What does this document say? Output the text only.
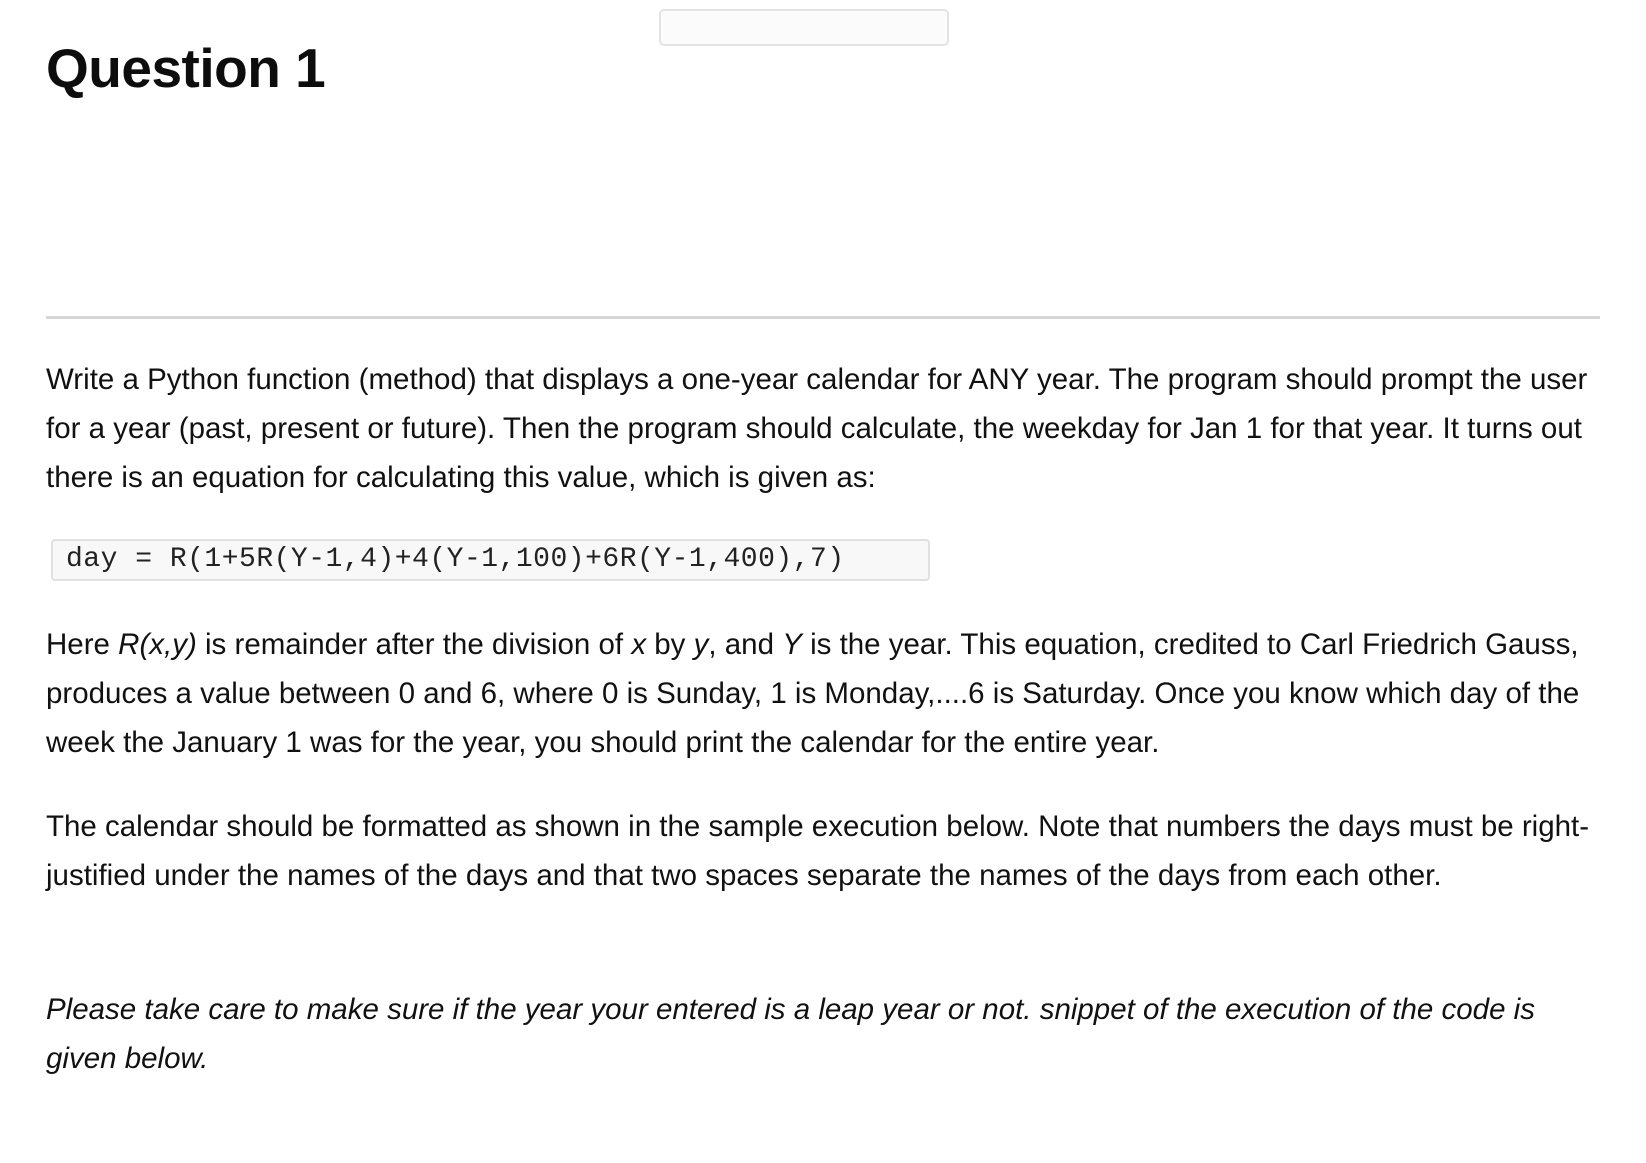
Question 1

Write a Python function (method) that displays a one-year calendar for ANY year. The program should prompt the user for a year (past, present or future). Then the program should calculate, the weekday for Jan 1 for that year. It turns out there is an equation for calculating this value, which is given as:

day = R(1+5R(Y-1,4)+4(Y-1,100)+6R(Y-1,400),7)

Here R(x,y) is remainder after the division of x by y, and Y is the year. This equation, credited to Carl Friedrich Gauss, produces a value between 0 and 6, where 0 is Sunday, 1 is Monday,....6 is Saturday. Once you know which day of the week the January 1 was for the year, you should print the calendar for the entire year.

The calendar should be formatted as shown in the sample execution below. Note that numbers the days must be right-justified under the names of the days and that two spaces separate the names of the days from each other.

Please take care to make sure if the year your entered is a leap year or not. snippet of the execution of the code is given below.
